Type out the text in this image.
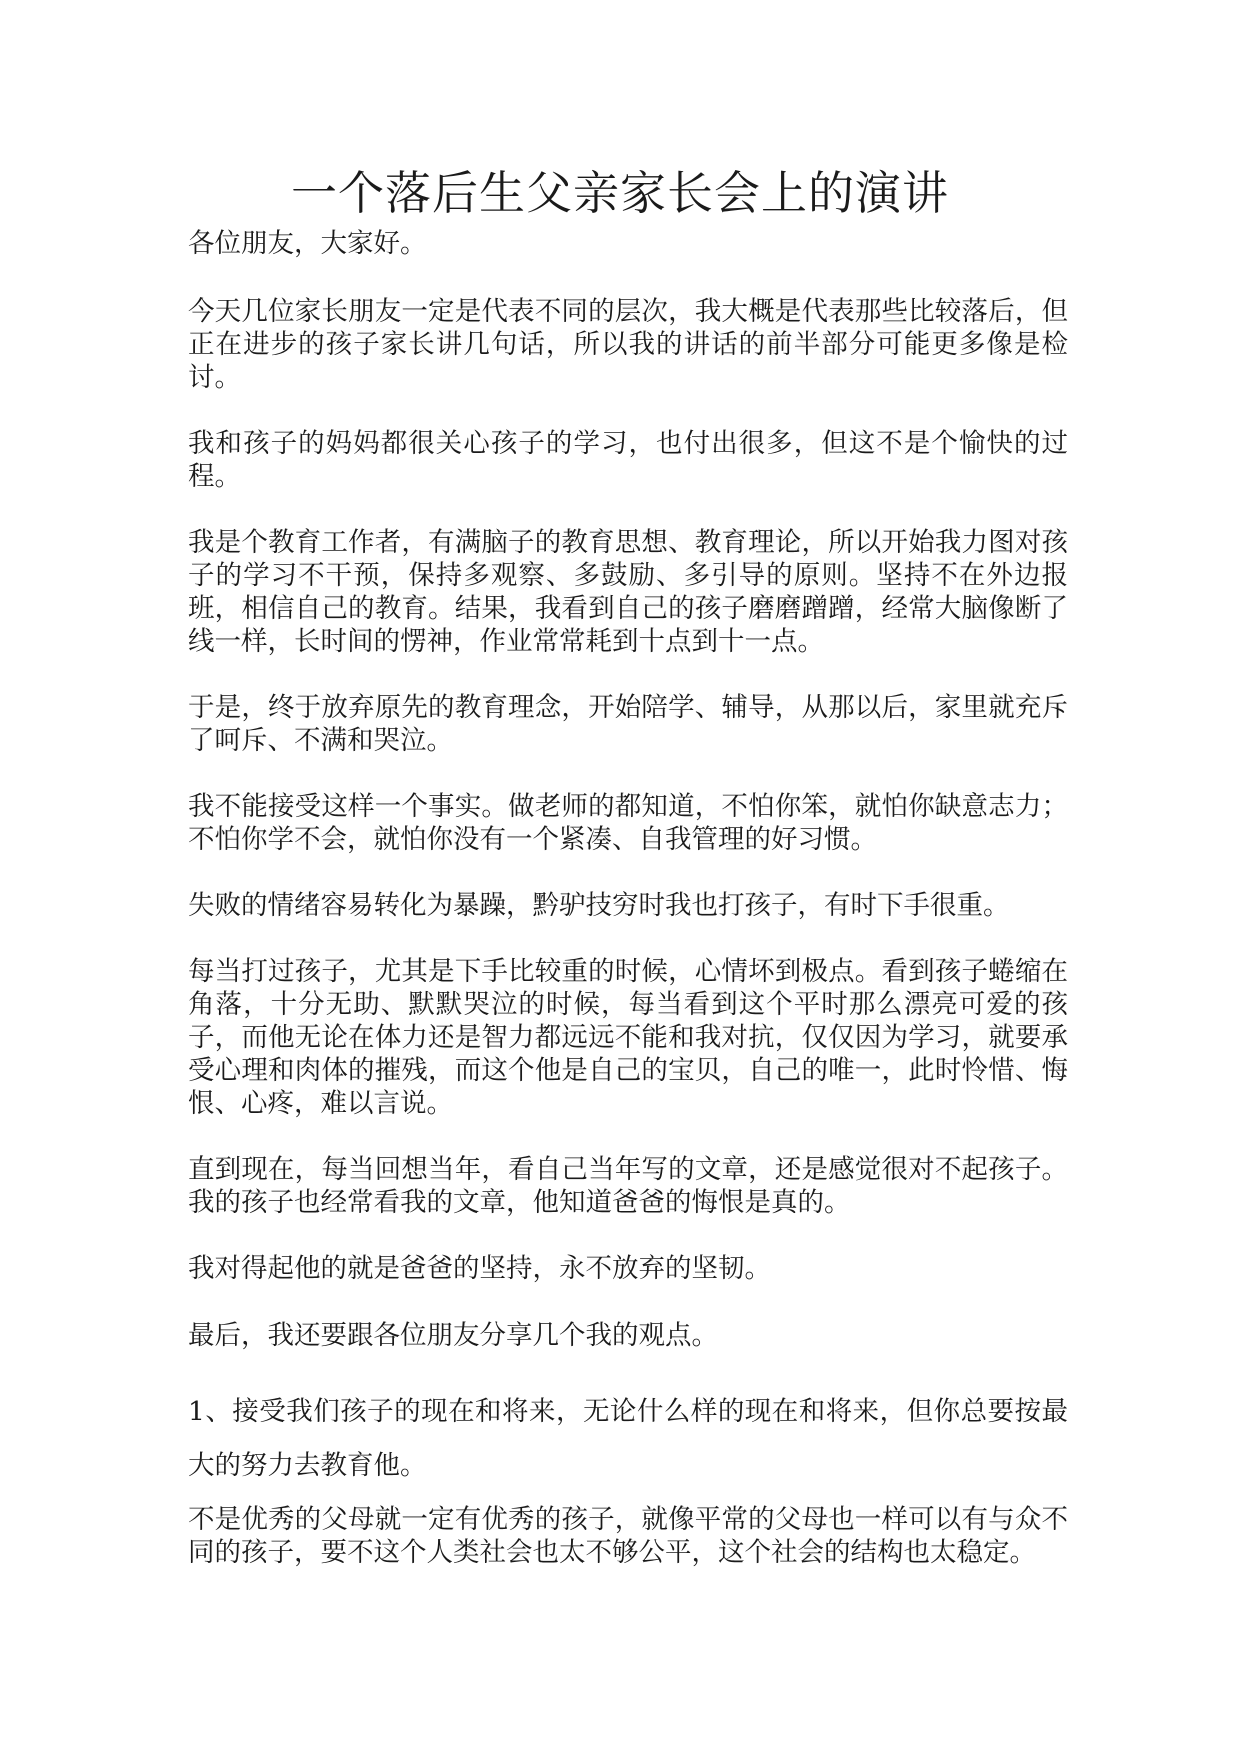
一个落后生父亲家长会上的演讲

各位朋友，大家好。

今天几位家长朋友一定是代表不同的层次，我大概是代表那些比较落后，但正在进步的孩子家长讲几句话，所以我的讲话的前半部分可能更多像是检讨。

我和孩子的妈妈都很关心孩子的学习，也付出很多，但这不是个愉快的过程。

我是个教育工作者，有满脑子的教育思想、教育理论，所以开始我力图对孩子的学习不干预，保持多观察、多鼓励、多引导的原则。坚持不在外边报班，相信自己的教育。结果，我看到自己的孩子磨磨蹭蹭，经常大脑像断了线一样，长时间的愣神，作业常常耗到十点到十一点。

于是，终于放弃原先的教育理念，开始陪学、辅导，从那以后，家里就充斥了呵斥、不满和哭泣。

我不能接受这样一个事实。做老师的都知道，不怕你笨，就怕你缺意志力；不怕你学不会，就怕你没有一个紧凑、自我管理的好习惯。

失败的情绪容易转化为暴躁，黔驴技穷时我也打孩子，有时下手很重。

每当打过孩子，尤其是下手比较重的时候，心情坏到极点。看到孩子蜷缩在角落，十分无助、默默哭泣的时候，每当看到这个平时那么漂亮可爱的孩子，而他无论在体力还是智力都远远不能和我对抗，仅仅因为学习，就要承受心理和肉体的摧残，而这个他是自己的宝贝，自己的唯一，此时怜惜、悔恨、心疼，难以言说。

直到现在，每当回想当年，看自己当年写的文章，还是感觉很对不起孩子。我的孩子也经常看我的文章，他知道爸爸的悔恨是真的。

我对得起他的就是爸爸的坚持，永不放弃的坚韧。

最后，我还要跟各位朋友分享几个我的观点。

1、接受我们孩子的现在和将来，无论什么样的现在和将来，但你总要按最大的努力去教育他。

不是优秀的父母就一定有优秀的孩子，就像平常的父母也一样可以有与众不同的孩子，要不这个人类社会也太不够公平，这个社会的结构也太稳定。
